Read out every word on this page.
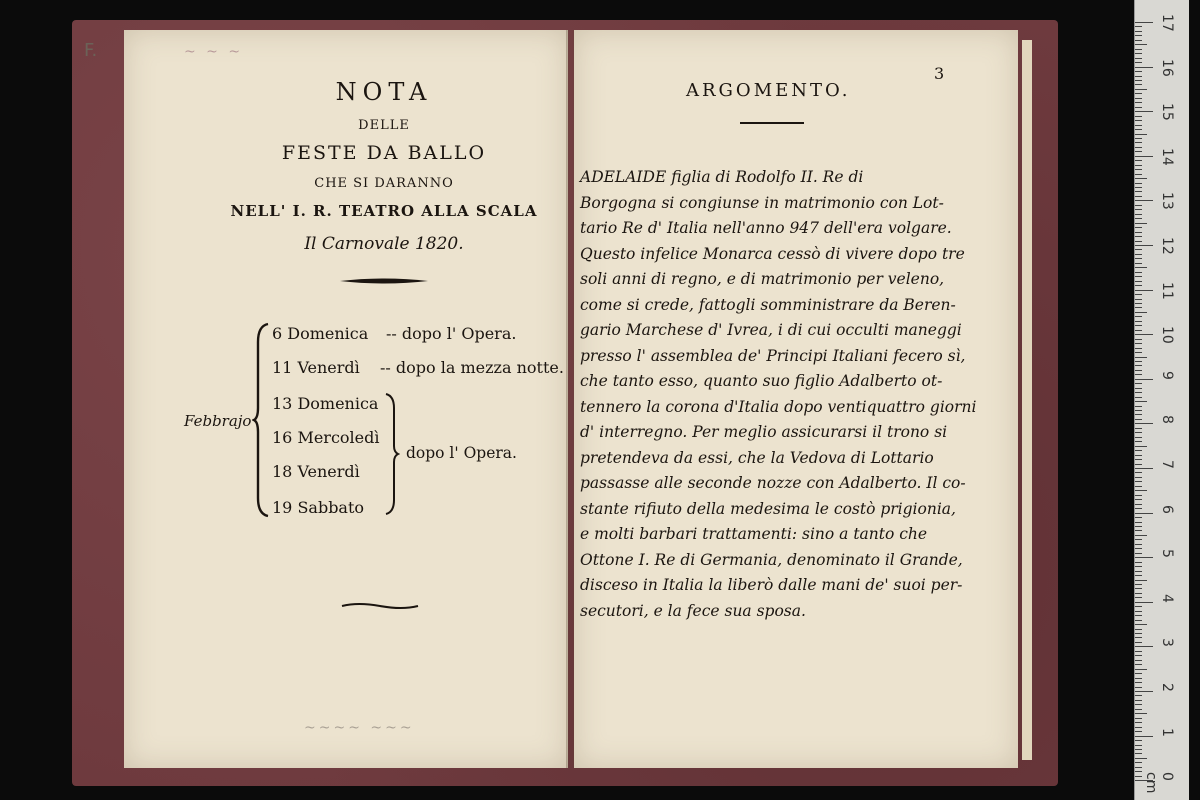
F.	~ ~ ~
NOTA
DELLE
FESTE DA BALLO
CHE SI DARANNO
NELL' I. R. TEATRO ALLA SCALA
Il Carnovale 1820.
Febbrajo
6 Domenica -- dopo l' Opera.
11 Venerdì -- dopo la mezza notte.
13 Domenica
16 Mercoledì
18 Venerdì
19 Sabbato
dopo l' Opera.
~~~~ ~~~
3
ARGOMENTO.
ADELAIDE figlia di Rodolfo II. Re di
Borgogna si congiunse in matrimonio con Lot-
tario Re d' Italia nell'anno 947 dell'era volgare.
Questo infelice Monarca cessò di vivere dopo tre
soli anni di regno, e di matrimonio per veleno,
come si crede, fattogli somministrare da Beren-
gario Marchese d' Ivrea, i di cui occulti maneggi
presso l' assemblea de' Principi Italiani fecero sì,
che tanto esso, quanto suo figlio Adalberto ot-
tennero la corona d'Italia dopo ventiquattro giorni
d' interregno. Per meglio assicurarsi il trono si
pretendeva da essi, che la Vedova di Lottario
passasse alle seconde nozze con Adalberto. Il co-
stante rifiuto della medesima le costò prigionia,
e molti barbari trattamenti: sino a tanto che
Ottone I. Re di Germania, denominato il Grande,
disceso in Italia la liberò dalle mani de' suoi per-
secutori, e la fece sua sposa.
17
16
15
14
13
12
11
10
9
8
7
6
5
4
3
2
1
0 cm
